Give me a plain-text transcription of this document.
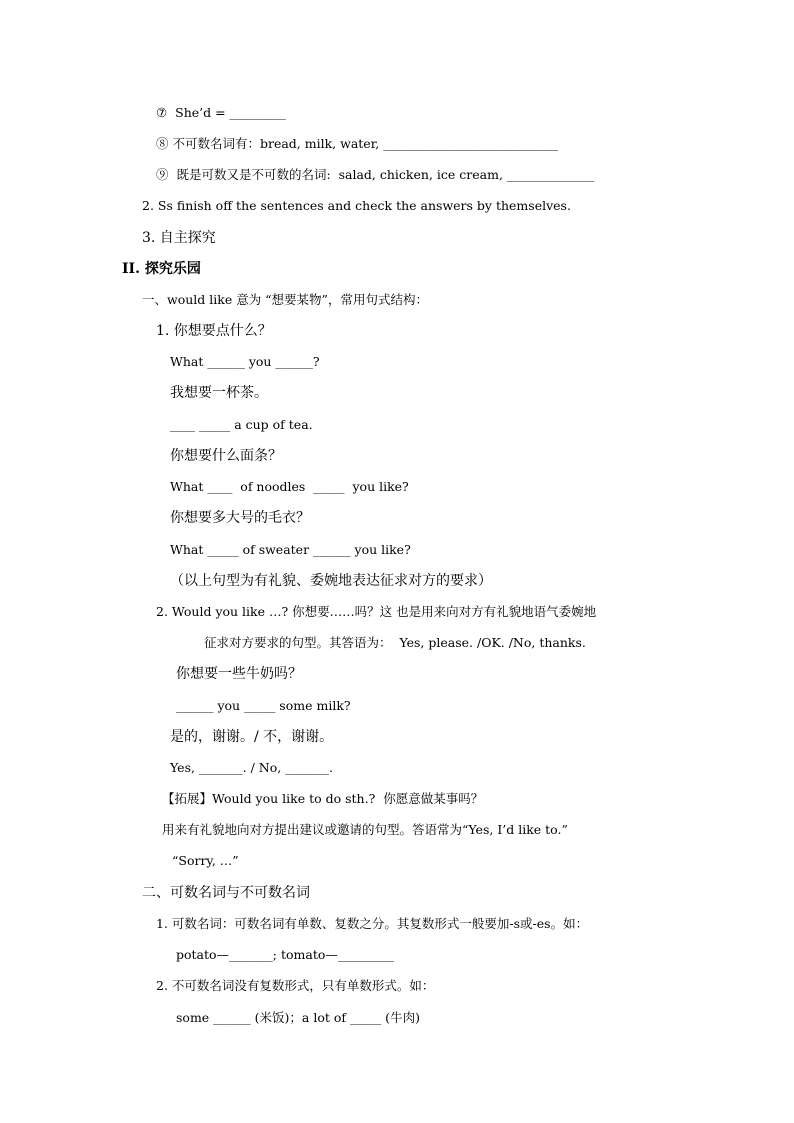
⑦  She’d = _________
⑧ 不可数名词有：bread, milk, water, ____________________________
⑨  既是可数又是不可数的名词:  salad, chicken, ice cream, ______________
2. Ss finish off the sentences and check the answers by themselves.
3. 自主探究
II. 探究乐园
一、would like 意为 “想要某物”，常用句式结构：
1. 你想要点什么？
What ______ you ______?
我想要一杯茶。
____ _____ a cup of tea.
你想要什么面条？
What ____  of noodles  _____  you like?
你想要多大号的毛衣？
What _____ of sweater ______ you like?
（以上句型为有礼貌、委婉地表达征求对方的要求）
2. Would you like …? 你想要……吗？这 也是用来向对方有礼貌地语气委婉地
征求对方要求的句型。其答语为：  Yes, please. /OK. /No, thanks.
你想要一些牛奶吗？
______ you _____ some milk?
是的，谢谢。/ 不，谢谢。
Yes, _______. / No, _______.
【拓展】Would you like to do sth.?  你愿意做某事吗？
用来有礼貌地向对方提出建议或邀请的句型。答语常为“Yes, I’d like to.”
“Sorry, …”
二、可数名词与不可数名词
1. 可数名词：可数名词有单数、复数之分。其复数形式一般要加-s或-es。如：
potato—_______; tomato—_________
2. 不可数名词没有复数形式，只有单数形式。如：
some ______ (米饭)；a lot of _____ (牛肉)
